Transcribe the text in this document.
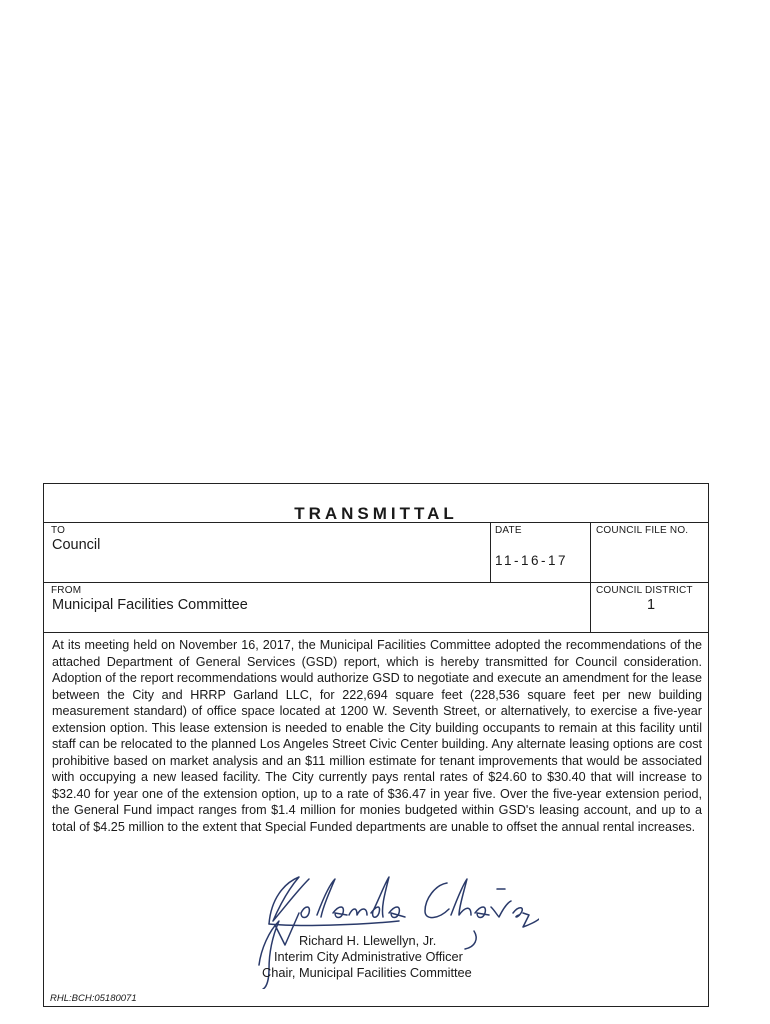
TRANSMITTAL
TO
Council
DATE
11-16-17
COUNCIL FILE NO.
FROM
Municipal Facilities Committee
COUNCIL DISTRICT
1

At its meeting held on November 16, 2017, the Municipal Facilities Committee adopted the recommendations of the attached Department of General Services (GSD) report, which is hereby transmitted for Council consideration. Adoption of the report recommendations would authorize GSD to negotiate and execute an amendment for the lease between the City and HRRP Garland LLC, for 222,694 square feet (228,536 square feet per new building measurement standard) of office space located at 1200 W. Seventh Street, or alternatively, to exercise a five-year extension option. This lease extension is needed to enable the City building occupants to remain at this facility until staff can be relocated to the planned Los Angeles Street Civic Center building. Any alternate leasing options are cost prohibitive based on market analysis and an $11 million estimate for tenant improvements that would be associated with occupying a new leased facility. The City currently pays rental rates of $24.60 to $30.40 that will increase to $32.40 for year one of the extension option, up to a rate of $36.47 in year five. Over the five-year extension period, the General Fund impact ranges from $1.4 million for monies budgeted within GSD's leasing account, and up to a total of $4.25 million to the extent that Special Funded departments are unable to offset the annual rental increases.

Richard H. Llewellyn, Jr.
Interim City Administrative Officer
Chair, Municipal Facilities Committee
RHL:BCH:05180071
